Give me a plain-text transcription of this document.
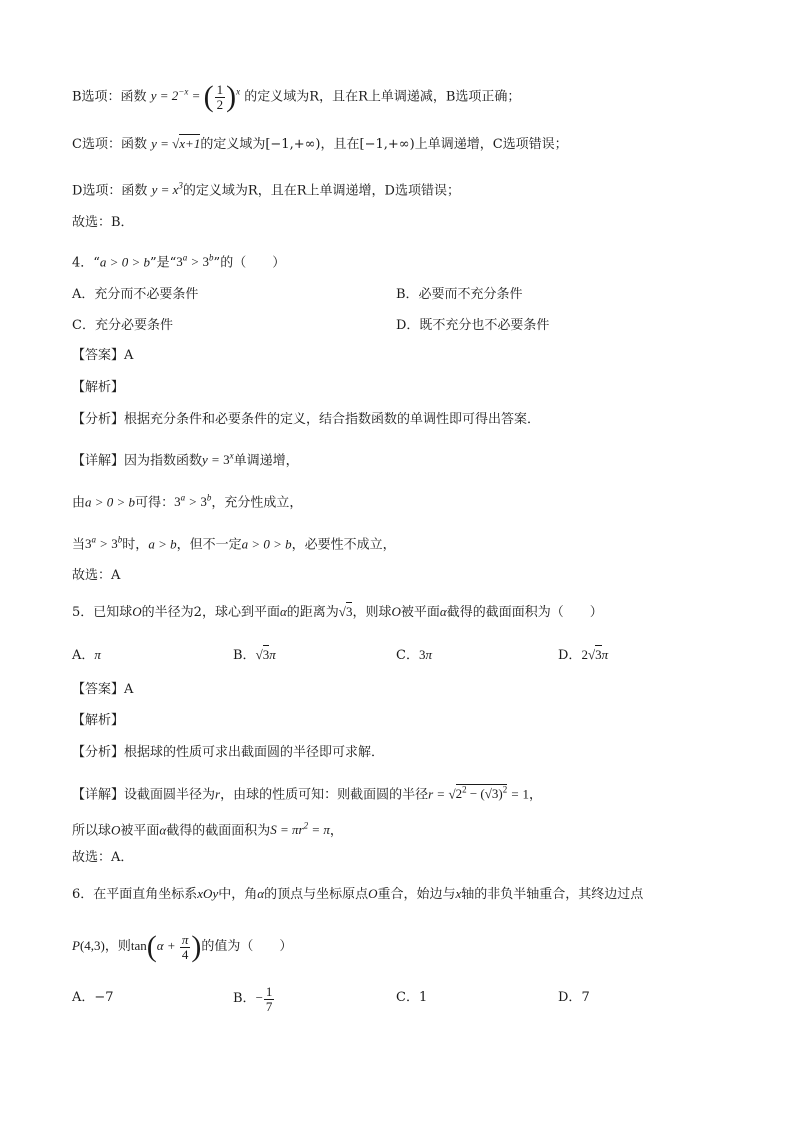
B选项：函数 $y = 2^{-x}$ = ( $\frac{1}{2} )^x$ 的定义域为R，且在R上单调递减，B选项正确；
C选项：函数 y = √x+1的定义域为[−1,+∞)，且在[−1,+∞)上单调递增，C选项错误；
D选项：函数 $y = x^3$的定义域为R，且在R上单调递增，D选项错误；
故选：B．
4．“a > 0 > b”是“$3^a > 3^b$”的（　　）
A．充分而不必要条件	B．必要而不充分条件
C．充分必要条件	D．既不充分也不必要条件
【答案】A
【解析】
【分析】根据充分条件和必要条件的定义，结合指数函数的单调性即可得出答案．
【详解】因为指数函数$y = 3^x$单调递增，
由a > 0 > b可得：$3^a > 3^b$，充分性成立，
当$3^a > 3^b$时，a > b，但不一定a > 0 > b，必要性不成立，
故选：A
5．已知球O的半径为2，球心到平面α的距离为√3，则球O被平面α截得的截面面积为（　　）
A．π	B．√3π	C．3π	D．2√3π
【答案】A
【解析】
【分析】根据球的性质可求出截面圆的半径即可求解．
【详解】设截面圆半径为r，由球的性质可知：则截面圆的半径$r = √2^2 - (√3)^2 = 1$，
所以球O被平面α截得的截面面积为$S = \pi r^2 = \pi$，
故选：A．
6．在平面直角坐标系xOy中，角α的顶点与坐标原点O重合，始边与x轴的非负半轴重合，其终边过点
P(4,3)，则$\tan(\alpha + \frac{\pi}{4}$ )的值为（　　）
A．−7	B．− $\frac{1}{7}$	C．1	D．7
